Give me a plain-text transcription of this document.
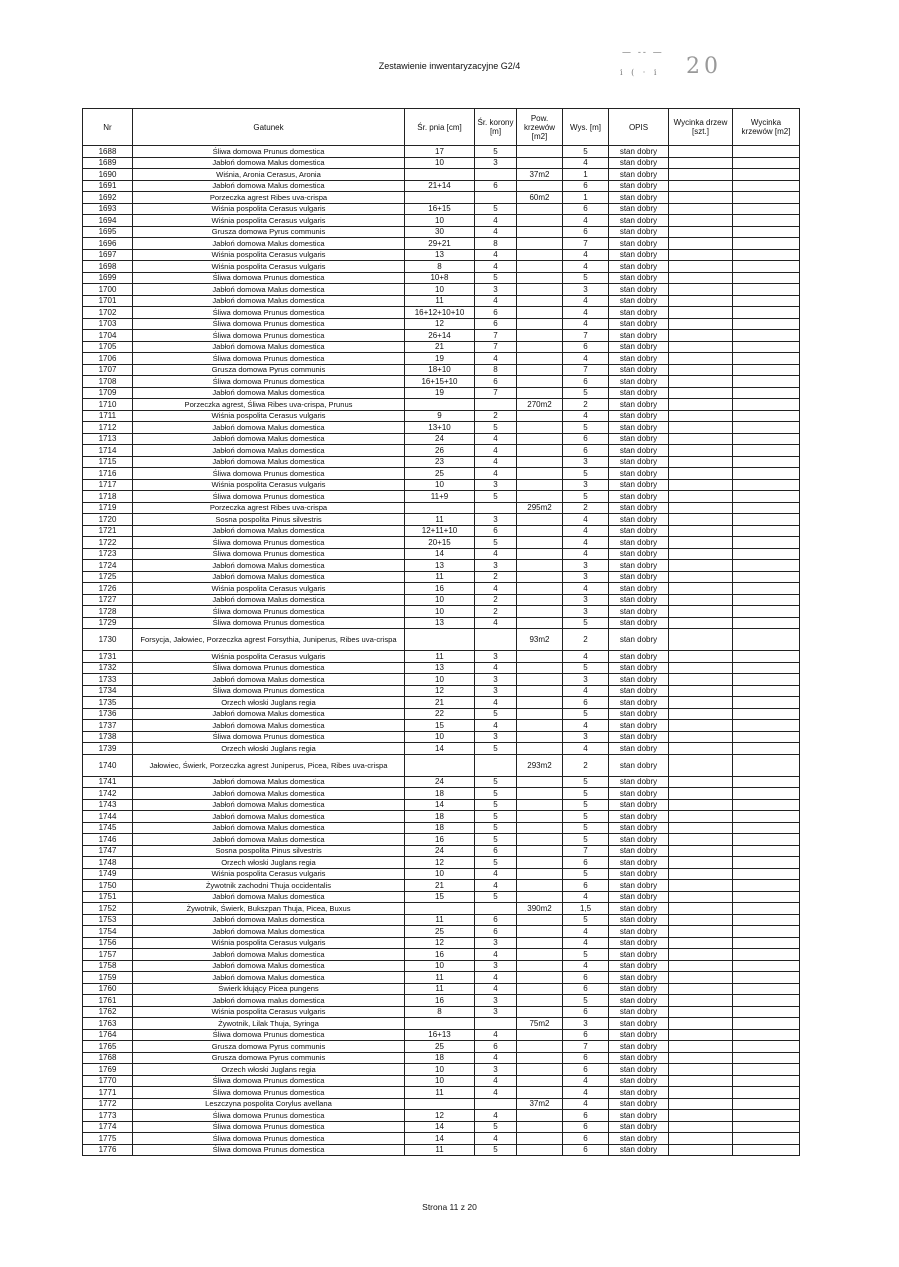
Zestawienie inwentaryzacyjne G2/4
— -- —
i ( · i 20
Nr	Gatunek	Śr. pnia [cm]	Śr. korony [m]	Pow. krzewów [m2]	Wys. [m]	OPIS	Wycinka drzew [szt.]	Wycinka krzewów [m2]
1688	Śliwa domowa Prunus domestica	17	5		5	stan dobry		
1689	Jabłoń domowa Malus domestica	10	3		4	stan dobry		
1690	Wiśnia, Aronia Cerasus, Aronia			37m2	1	stan dobry		
1691	Jabłoń domowa Malus domestica	21+14	6		6	stan dobry		
1692	Porzeczka agrest Ribes uva-crispa			60m2	1	stan dobry		
1693	Wiśnia pospolita Cerasus vulgaris	16+15	5		6	stan dobry		
1694	Wiśnia pospolita Cerasus vulgaris	10	4		4	stan dobry		
1695	Grusza domowa Pyrus communis	30	4		6	stan dobry		
1696	Jabłoń domowa Malus domestica	29+21	8		7	stan dobry		
1697	Wiśnia pospolita Cerasus vulgaris	13	4		4	stan dobry		
1698	Wiśnia pospolita Cerasus vulgaris	8	4		4	stan dobry		
1699	Śliwa domowa Prunus domestica	10+8	5		5	stan dobry		
1700	Jabłoń domowa Malus domestica	10	3		3	stan dobry		
1701	Jabłoń domowa Malus domestica	11	4		4	stan dobry		
1702	Śliwa domowa Prunus domestica	16+12+10+10	6		4	stan dobry		
1703	Śliwa domowa Prunus domestica	12	6		4	stan dobry		
1704	Śliwa domowa Prunus domestica	26+14	7		7	stan dobry		
1705	Jabłoń domowa Malus domestica	21	7		6	stan dobry		
1706	Śliwa domowa Prunus domestica	19	4		4	stan dobry		
1707	Grusza domowa Pyrus communis	18+10	8		7	stan dobry		
1708	Śliwa domowa Prunus domestica	16+15+10	6		6	stan dobry		
1709	Jabłoń domowa Malus domestica	19	7		5	stan dobry		
1710	Porzeczka agrest, Śliwa Ribes uva-crispa, Prunus			270m2	2	stan dobry		
1711	Wiśnia pospolita Cerasus vulgaris	9	2		4	stan dobry		
1712	Jabłoń domowa Malus domestica	13+10	5		5	stan dobry		
1713	Jabłoń domowa Malus domestica	24	4		6	stan dobry		
1714	Jabłoń domowa Malus domestica	26	4		6	stan dobry		
1715	Jabłoń domowa Malus domestica	23	4		3	stan dobry		
1716	Śliwa domowa Prunus domestica	25	4		5	stan dobry		
1717	Wiśnia pospolita Cerasus vulgaris	10	3		3	stan dobry		
1718	Śliwa domowa Prunus domestica	11+9	5		5	stan dobry		
1719	Porzeczka agrest Ribes uva-crispa			295m2	2	stan dobry		
1720	Sosna pospolita Pinus silvestris	11	3		4	stan dobry		
1721	Jabłoń domowa Malus domestica	12+11+10	6		4	stan dobry		
1722	Śliwa domowa Prunus domestica	20+15	5		4	stan dobry		
1723	Śliwa domowa Prunus domestica	14	4		4	stan dobry		
1724	Jabłoń domowa Malus domestica	13	3		3	stan dobry		
1725	Jabłoń domowa Malus domestica	11	2		3	stan dobry		
1726	Wiśnia pospolita Cerasus vulgaris	16	4		4	stan dobry		
1727	Jabłoń domowa Malus domestica	10	2		3	stan dobry		
1728	Śliwa domowa Prunus domestica	10	2		3	stan dobry		
1729	Śliwa domowa Prunus domestica	13	4		5	stan dobry		
1730	Forsycja, Jałowiec, Porzeczka agrest Forsythia, Juniperus, Ribes uva-crispa			93m2	2	stan dobry		
1731	Wiśnia pospolita Cerasus vulgaris	11	3		4	stan dobry		
1732	Śliwa domowa Prunus domestica	13	4		5	stan dobry		
1733	Jabłoń domowa Malus domestica	10	3		3	stan dobry		
1734	Śliwa domowa Prunus domestica	12	3		4	stan dobry		
1735	Orzech włoski Juglans regia	21	4		6	stan dobry		
1736	Jabłoń domowa Malus domestica	22	5		5	stan dobry		
1737	Jabłoń domowa Malus domestica	15	4		4	stan dobry		
1738	Śliwa domowa Prunus domestica	10	3		3	stan dobry		
1739	Orzech włoski Juglans regia	14	5		4	stan dobry		
1740	Jałowiec, Świerk, Porzeczka agrest Juniperus, Picea, Ribes uva-crispa			293m2	2	stan dobry		
1741	Jabłoń domowa Malus domestica	24	5		5	stan dobry		
1742	Jabłoń domowa Malus domestica	18	5		5	stan dobry		
1743	Jabłoń domowa Malus domestica	14	5		5	stan dobry		
1744	Jabłoń domowa Malus domestica	18	5		5	stan dobry		
1745	Jabłoń domowa Malus domestica	18	5		5	stan dobry		
1746	Jabłoń domowa Malus domestica	16	5		5	stan dobry		
1747	Sosna pospolita Pinus silvestris	24	6		7	stan dobry		
1748	Orzech włoski Juglans regia	12	5		6	stan dobry		
1749	Wiśnia pospolita Cerasus vulgaris	10	4		5	stan dobry		
1750	Żywotnik zachodni Thuja occidentalis	21	4		6	stan dobry		
1751	Jabłoń domowa Malus domestica	15	5		4	stan dobry		
1752	Żywotnik, Świerk, Bukszpan Thuja, Picea, Buxus			390m2	1,5	stan dobry		
1753	Jabłoń domowa Malus domestica	11	6		5	stan dobry		
1754	Jabłoń domowa Malus domestica	25	6		4	stan dobry		
1756	Wiśnia pospolita Cerasus vulgaris	12	3		4	stan dobry		
1757	Jabłoń domowa Malus domestica	16	4		5	stan dobry		
1758	Jabłoń domowa Malus domestica	10	3		4	stan dobry		
1759	Jabłoń domowa Malus domestica	11	4		6	stan dobry		
1760	Świerk kłujący Picea pungens	11	4		6	stan dobry		
1761	Jabłoń domowa malus domestica	16	3		5	stan dobry		
1762	Wiśnia pospolita Cerasus vulgaris	8	3		6	stan dobry		
1763	Żywotnik, Lilak Thuja, Syringa			75m2	3	stan dobry		
1764	Śliwa domowa Prunus domestica	16+13	4		6	stan dobry		
1765	Grusza domowa Pyrus communis	25	6		7	stan dobry		
1768	Grusza domowa Pyrus communis	18	4		6	stan dobry		
1769	Orzech włoski Juglans regia	10	3		6	stan dobry		
1770	Śliwa domowa Prunus domestica	10	4		4	stan dobry		
1771	Śliwa domowa Prunus domestica	11	4		4	stan dobry		
1772	Leszczyna pospolita Corylus avellana			37m2	4	stan dobry		
1773	Śliwa domowa Prunus domestica	12	4		6	stan dobry		
1774	Śliwa domowa Prunus domestica	14	5		6	stan dobry		
1775	Śliwa domowa Prunus domestica	14	4		6	stan dobry		
1776	Śliwa domowa Prunus domestica	11	5		6	stan dobry		
Strona 11 z 20
